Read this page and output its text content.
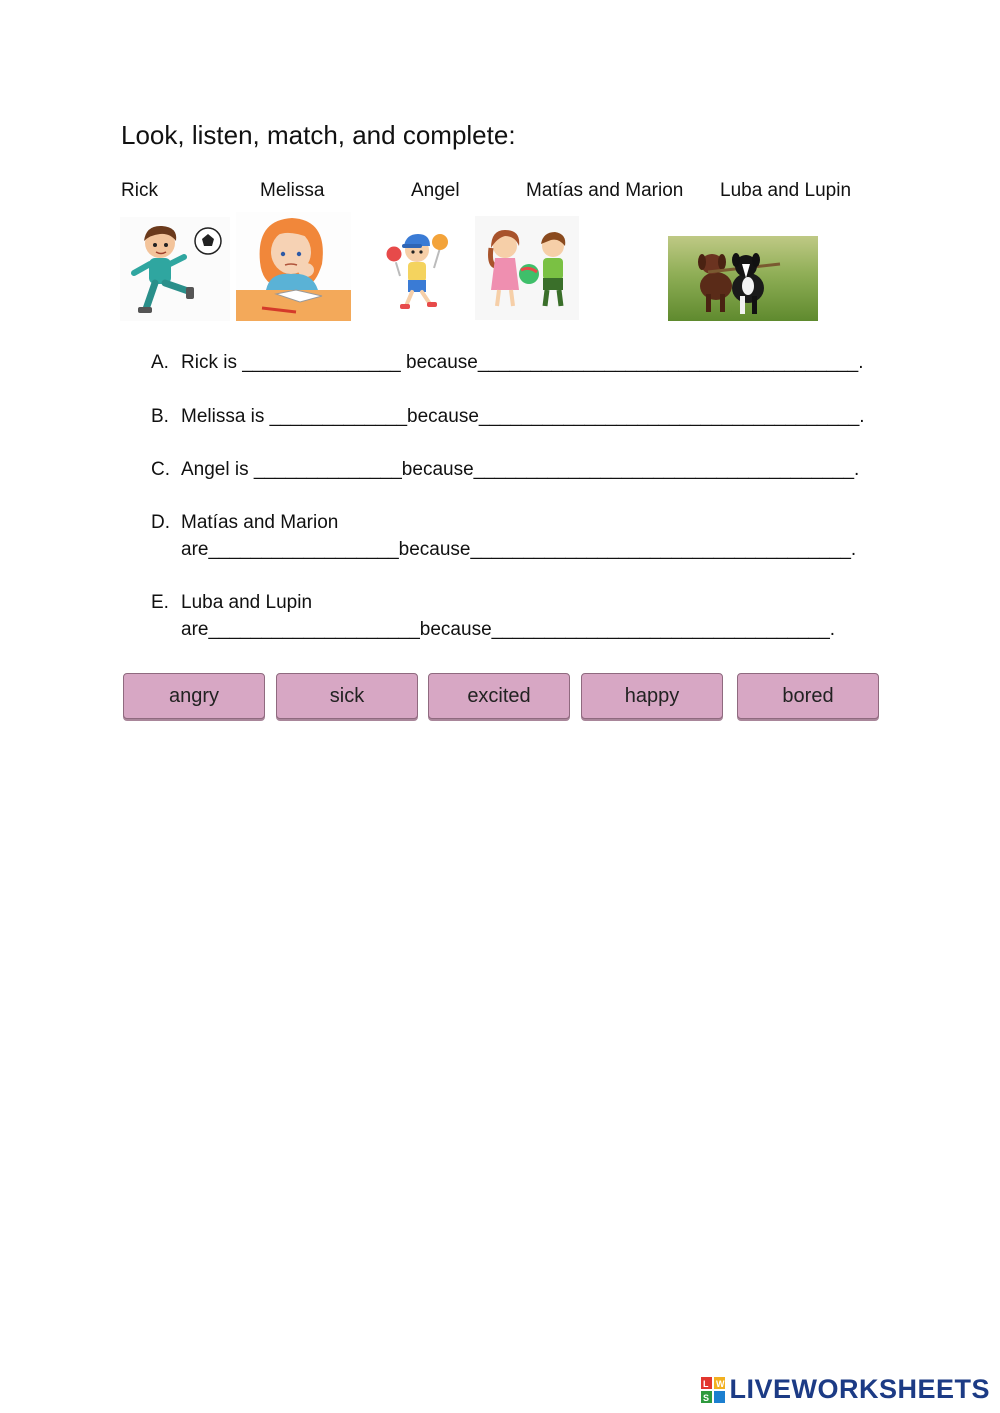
Look, listen, match, and complete:
Rick	Melissa	Angel	Matías and Marion Luba and Lupin
A. Rick is _______________ because____________________________________.
B. Melissa is _____________because____________________________________.
C. Angel is ______________because____________________________________.
D. Matías and Marion
are__________________because____________________________________.
E. Luba and Lupin
are____________________because________________________________.
angry	sick	excited	happy	bored
L W
S LIVEWORKSHEETS
